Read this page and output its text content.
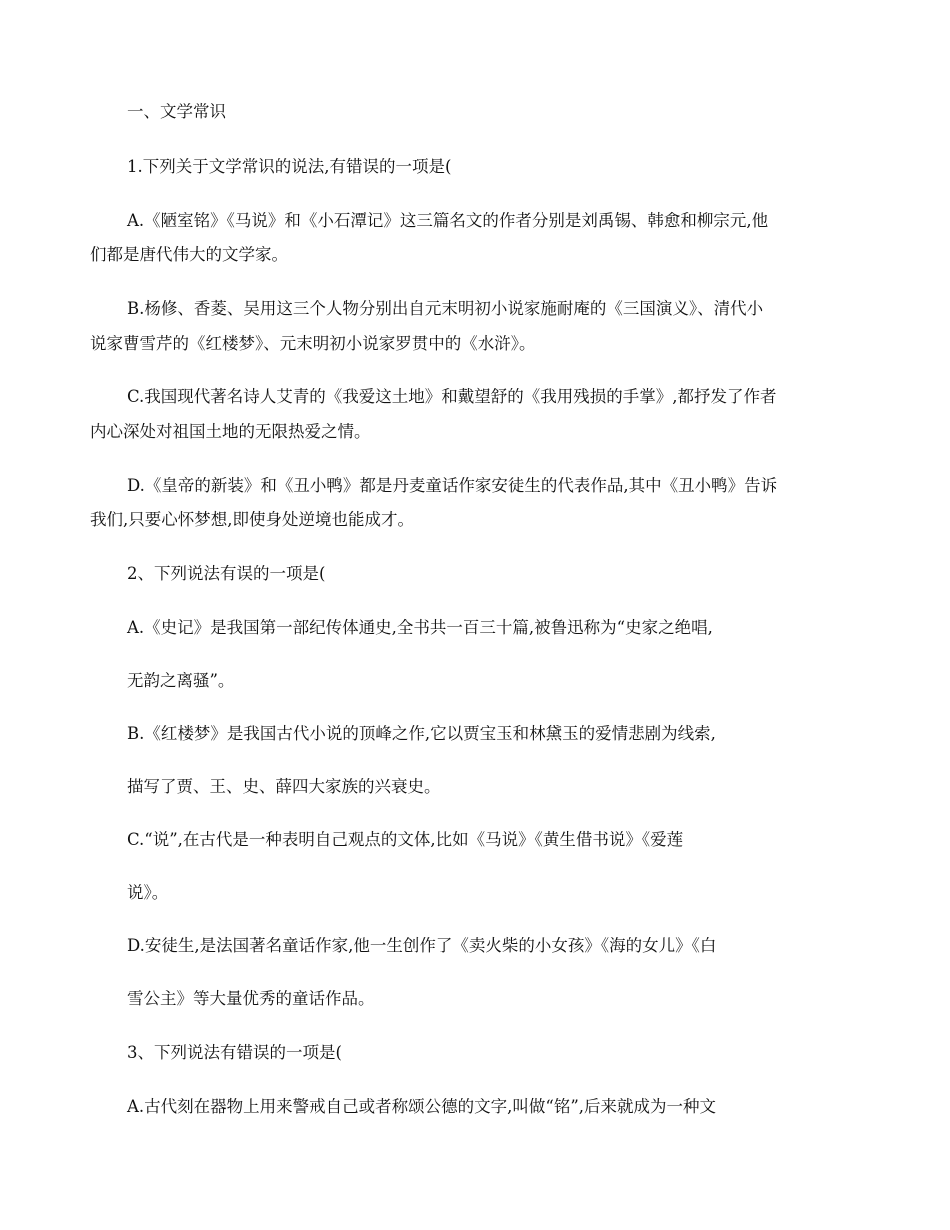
一、文学常识
1.下列关于文学常识的说法,有错误的一项是(
A.《陋室铭》《马说》和《小石潭记》这三篇名文的作者分别是刘禹锡、韩愈和柳宗元,他
们都是唐代伟大的文学家。
B.杨修、香菱、吴用这三个人物分别出自元末明初小说家施耐庵的《三国演义》、清代小
说家曹雪芹的《红楼梦》、元末明初小说家罗贯中的《水浒》。
C.我国现代著名诗人艾青的《我爱这土地》和戴望舒的《我用残损的手掌》,都抒发了作者
内心深处对祖国土地的无限热爱之情。
D.《皇帝的新装》和《丑小鸭》都是丹麦童话作家安徒生的代表作品,其中《丑小鸭》告诉
我们,只要心怀梦想,即使身处逆境也能成才。
2、下列说法有误的一项是(
A.《史记》是我国第一部纪传体通史,全书共一百三十篇,被鲁迅称为“史家之绝唱,
无韵之离骚”。
B.《红楼梦》是我国古代小说的顶峰之作,它以贾宝玉和林黛玉的爱情悲剧为线索,
描写了贾、王、史、薛四大家族的兴衰史。
C.“说”,在古代是一种表明自己观点的文体,比如《马说》《黄生借书说》《爱莲
说》。
D.安徒生,是法国著名童话作家,他一生创作了《卖火柴的小女孩》《海的女儿》《白
雪公主》等大量优秀的童话作品。
3、下列说法有错误的一项是(
A.古代刻在器物上用来警戒自己或者称颂公德的文字,叫做“铭”,后来就成为一种文
